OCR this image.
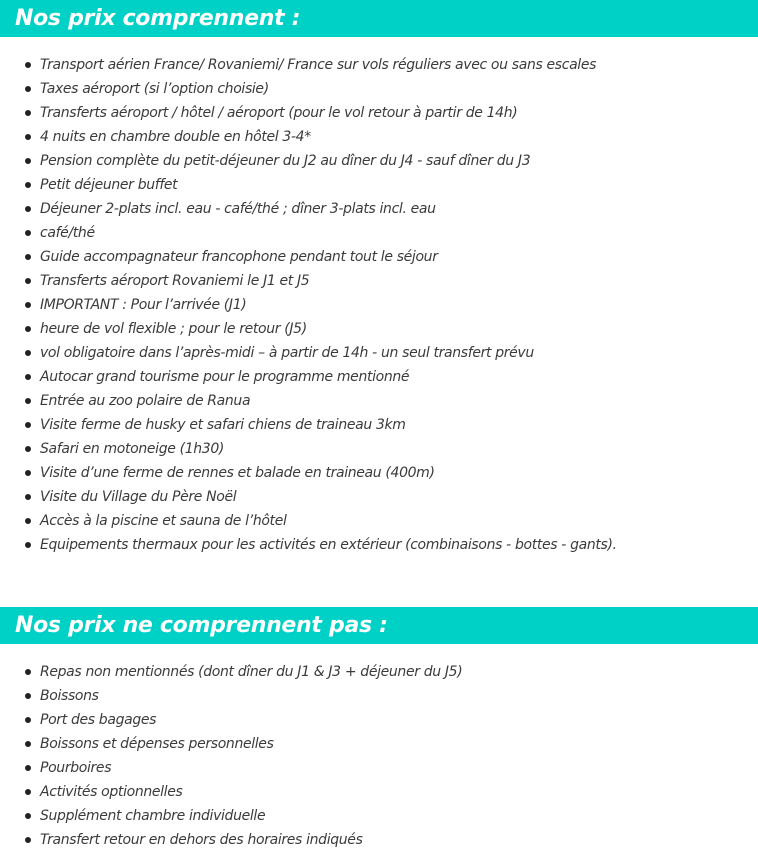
Nos prix comprennent :
Transport aérien France/ Rovaniemi/ France sur vols réguliers avec ou sans escales
Taxes aéroport (si l’option choisie)
Transferts aéroport / hôtel / aéroport (pour le vol retour à partir de 14h)
4 nuits en chambre double en hôtel 3-4*
Pension complète du petit-déjeuner du J2 au dîner du J4 - sauf dîner du J3
Petit déjeuner buffet
Déjeuner 2-plats incl. eau - café/thé ; dîner 3-plats incl. eau
café/thé
Guide accompagnateur francophone pendant tout le séjour
Transferts aéroport Rovaniemi le J1 et J5
IMPORTANT : Pour l’arrivée (J1)
heure de vol flexible ; pour le retour (J5)
vol obligatoire dans l’après-midi – à partir de 14h - un seul transfert prévu
Autocar grand tourisme pour le programme mentionné
Entrée au zoo polaire de Ranua
Visite ferme de husky et safari chiens de traineau 3km
Safari en motoneige (1h30)
Visite d’une ferme de rennes et balade en traineau (400m)
Visite du Village du Père Noël
Accès à la piscine et sauna de l’hôtel
Equipements thermaux pour les activités en extérieur (combinaisons - bottes - gants).
Nos prix ne comprennent pas :
Repas non mentionnés (dont dîner du J1 & J3 + déjeuner du J5)
Boissons
Port des bagages
Boissons et dépenses personnelles
Pourboires
Activités optionnelles
Supplément chambre individuelle
Transfert retour en dehors des horaires indiqués
